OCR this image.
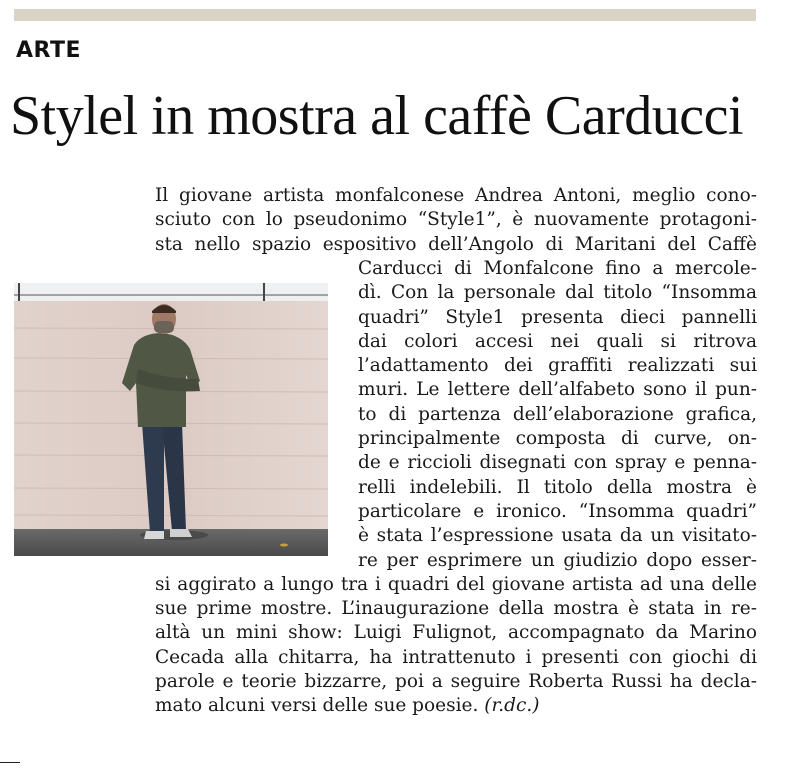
ARTE
Stylel in mostra al caffè Carducci
Il giovane artista monfalconese Andrea Antoni, meglio cono-
sciuto con lo pseudonimo “Style1”, è nuovamente protagoni-
sta nello spazio espositivo dell’Angolo di Maritani del Caffè
Carducci di Monfalcone fino a mercole-
dì. Con la personale dal titolo “Insomma
quadri” Style1 presenta dieci pannelli
dai colori accesi nei quali si ritrova
l’adattamento dei graffiti realizzati sui
muri. Le lettere dell’alfabeto sono il pun-
to di partenza dell’elaborazione grafica,
principalmente composta di curve, on-
de e riccioli disegnati con spray e penna-
relli indelebili. Il titolo della mostra è
particolare e ironico. “Insomma quadri”
è stata l’espressione usata da un visitato-
re per esprimere un giudizio dopo esser-
si aggirato a lungo tra i quadri del giovane artista ad una delle
sue prime mostre. L’inaugurazione della mostra è stata in re-
altà un mini show: Luigi Fulignot, accompagnato da Marino
Cecada alla chitarra, ha intrattenuto i presenti con giochi di
parole e teorie bizzarre, poi a seguire Roberta Russi ha decla-
mato alcuni versi delle sue poesie. (r.dc.)
